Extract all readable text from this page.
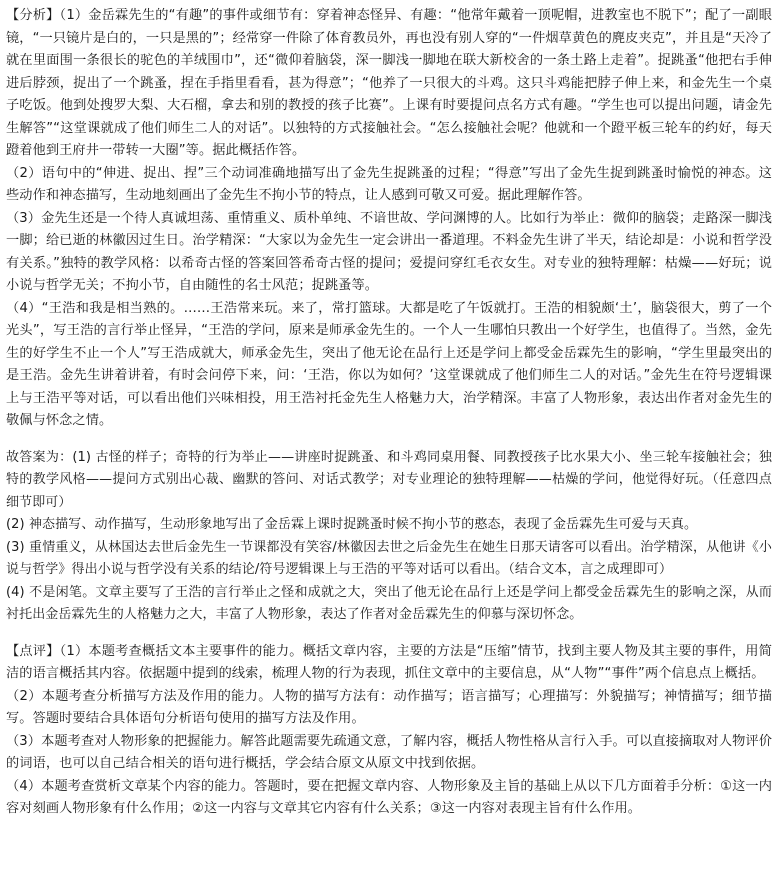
【分析】（1）金岳霖先生的“有趣”的事件或细节有：穿着神态怪异、有趣：“他常年戴着一顶呢帽，进教室也不脱下”；配了一副眼镜，“一只镜片是白的，一只是黑的”；经常穿一件除了体育教员外，再也没有别人穿的“一件烟草黄色的麂皮夹克”，并且是“天冷了就在里面围一条很长的驼色的羊绒围巾”，还“微仰着脑袋，深一脚浅一脚地在联大新校舍的一条土路上走着”。捉跳蚤“他把右手伸进后脖颈，捉出了一个跳蚤，捏在手指里看看，甚为得意”；“他养了一只很大的斗鸡。这只斗鸡能把脖子伸上来，和金先生一个桌子吃饭。他到处搜罗大梨、大石榴，拿去和别的教授的孩子比赛”。上课有时要提问点名方式有趣。“学生也可以提出问题，请金先生解答”“这堂课就成了他们师生二人的对话”。以独特的方式接触社会。“怎么接触社会呢？他就和一个蹬平板三轮车的约好，每天蹬着他到王府井一带转一大圈”等。据此概括作答。

（2）语句中的“伸进、捉出、捏”三个动词准确地描写出了金先生捉跳蚤的过程；“得意”写出了金先生捉到跳蚤时愉悦的神态。这些动作和神态描写，生动地刻画出了金先生不拘小节的特点，让人感到可敬又可爱。据此理解作答。

（3）金先生还是一个待人真诚坦荡、重情重义、质朴单纯、不谙世故、学问渊博的人。比如行为举止：微仰的脑袋；走路深一脚浅一脚；给已逝的林徽因过生日。治学精深：“大家以为金先生一定会讲出一番道理。不料金先生讲了半天，结论却是：小说和哲学没有关系。”独特的教学风格：以希奇古怪的答案回答希奇古怪的提问；爱提问穿红毛衣女生。对专业的独特理解：枯燥——好玩；说小说与哲学无关；不拘小节，自由随性的名士风范；捉跳蚤等。

（4）“王浩和我是相当熟的。……王浩常来玩。来了，常打篮球。大都是吃了午饭就打。王浩的相貌颇‘土’，脑袋很大，剪了一个光头”，写王浩的言行举止怪异，“王浩的学问，原来是师承金先生的。一个人一生哪怕只教出一个好学生，也值得了。当然，金先生的好学生不止一个人”写王浩成就大，师承金先生，突出了他无论在品行上还是学问上都受金岳霖先生的影响，“学生里最突出的是王浩。金先生讲着讲着，有时会问停下来，问：‘王浩，你以为如何？’这堂课就成了他们师生二人的对话。”金先生在符号逻辑课上与王浩平等对话，可以看出他们兴味相投，用王浩衬托金先生人格魅力大，治学精深。丰富了人物形象，表达出作者对金先生的敬佩与怀念之情。

故答案为：(1) 古怪的样子；奇特的行为举止——讲座时捉跳蚤、和斗鸡同桌用餐、同教授孩子比水果大小、坐三轮车接触社会；独特的教学风格——提问方式别出心裁、幽默的答问、对话式教学；对专业理论的独特理解——枯燥的学问，他觉得好玩。（任意四点细节即可）

(2) 神态描写、动作描写，生动形象地写出了金岳霖上课时捉跳蚤时候不拘小节的憨态，表现了金岳霖先生可爱与天真。

(3) 重情重义，从林国达去世后金先生一节课都没有笑容/林徽因去世之后金先生在她生日那天请客可以看出。治学精深，从他讲《小说与哲学》得出小说与哲学没有关系的结论/符号逻辑课上与王浩的平等对话可以看出。（结合文本，言之成理即可）

(4) 不是闲笔。文章主要写了王浩的言行举止之怪和成就之大，突出了他无论在品行上还是学问上都受金岳霖先生的影响之深，从而衬托出金岳霖先生的人格魅力之大，丰富了人物形象，表达了作者对金岳霖先生的仰慕与深切怀念。

【点评】（1）本题考查概括文本主要事件的能力。概括文章内容，主要的方法是“压缩”情节，找到主要人物及其主要的事件，用简洁的语言概括其内容。依据题中提到的线索，梳理人物的行为表现，抓住文章中的主要信息，从“人物”“事件”两个信息点上概括。

（2）本题考查分析描写方法及作用的能力。人物的描写方法有：动作描写；语言描写；心理描写：外貌描写；神情描写；细节描写。答题时要结合具体语句分析语句使用的描写方法及作用。

（3）本题考查对人物形象的把握能力。解答此题需要先疏通文意，了解内容，概括人物性格从言行入手。可以直接摘取对人物评价的词语，也可以自己结合相关的语句进行概括，学会结合原文从原文中找到依据。

（4）本题考查赏析文章某个内容的能力。答题时，要在把握文章内容、人物形象及主旨的基础上从以下几方面着手分析：①这一内容对刻画人物形象有什么作用；②这一内容与文章其它内容有什么关系；③这一内容对表现主旨有什么作用。
